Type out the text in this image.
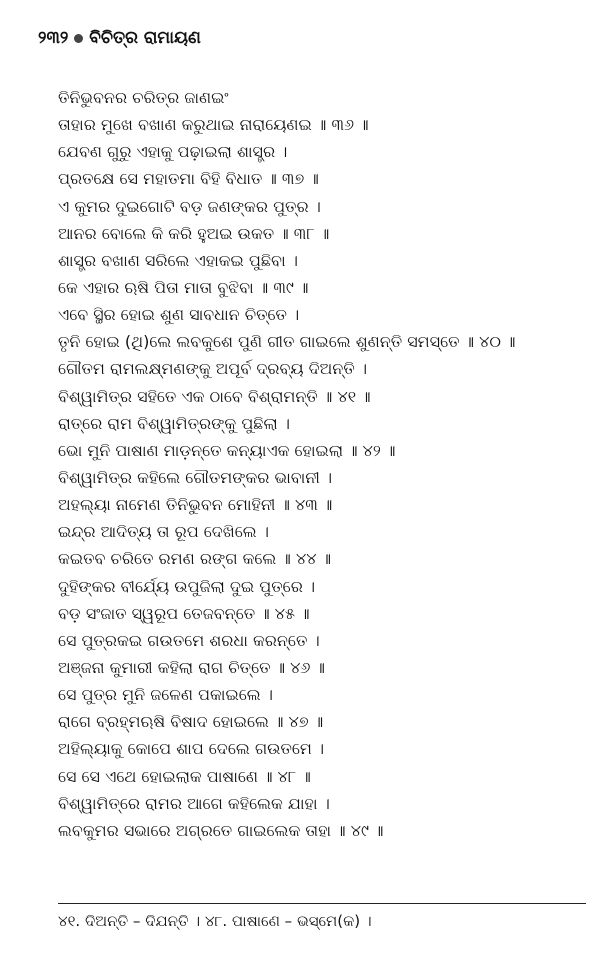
୨୩୨ ବିଚିତ୍ର ରାମାୟଣ
ତିନିଭୁବନର ଚରିତ୍ର ଜାଣଇଂ
ତାହାର ମୁଖେ ବଖାଣ କରୁଥାଇ ନାରାୟେଣଇ ॥ ୩୬ ॥
ଯେବଣ ଗୁରୁ ଏହାକୁ ପଢ଼ାଇଲା ଶାସ୍ତ୍ର ।
ପ୍ରତକ୍ଷେ ସେ ମହାତମା ବିହି ବିଧାତ ॥ ୩୭ ॥
ଏ କୁମର ଦୁଇଗୋଟି ବଡ଼ ଜଣଙ୍କର ପୁତ୍ର ।
ଆନର ବୋଲେ କି କରି ହୁଅଇ ଉକତ ॥ ୩୮ ॥
ଶାସ୍ତ୍ର ବଖାଣ ସରିଲେ ଏହାକଇ ପୁଛିବା ।
କେ ଏହାର ଋଷି ପିତା ମାତା ବୁଝିବା ॥ ୩୯ ॥
ଏବେ ସ୍ଥିର ହୋଇ ଶୁଣ ସାବଧାନ ଚିତ୍ତେ ।
ତୃନି ହୋଇ (ଥି)ଲେ ଲବକୁଶେ ପୁଣି ଗୀତ ଗାଇଲେ ଶୁଣନ୍ତି ସମସ୍ତେ ॥ ୪୦ ॥
ଗୌତମ ରାମଲକ୍ଷ୍ମଣଙ୍କୁ ଅପୂର୍ବ ଦ୍ରବ୍ୟ ଦିଅନ୍ତି ।
ବିଶ୍ୱାମିତ୍ର ସହିତେ ଏକ ଠାବେ ବିଶ୍ରାମନ୍ତି ॥ ୪୧ ॥
ରାତ୍ରେ ରାମ ବିଶ୍ୱାମିତ୍ରଙ୍କୁ ପୁଛିଲା ।
ଭୋ ମୁନି ପାଷାଣ ମାଡ଼ନ୍ତେ କନ୍ୟାଏକ ହୋଇଲା ॥ ୪୨ ॥
ବିଶ୍ୱାମିତ୍ର କହିଲେ ଗୌତମଙ୍କର ଭାବାନୀ ।
ଅହଲ୍ୟା ନାମେଣ ତିନିଭୁବନ ମୋହିନୀ ॥ ୪୩ ॥
ଇନ୍ଦ୍ର ଆଦିତ୍ୟ ତା ରୂପ ଦେଖିଲେ ।
କଇତବ ଚରିତେ ରମଣ ରଙ୍ଗ କଲେ ॥ ୪୪ ॥
ଦୁହିଙ୍କର ବୀର୍ଯ୍ୟେ ଉପୁଜିଲା ଦୁଇ ପୁତ୍ରେ ।
ବଡ଼ ସଂଜାତ ସ୍ୱରୂପ ତେଜବନ୍ତେ ॥ ୪୫ ॥
ସେ ପୁତ୍ରକଇ ଗଉତମେ ଶରଧା କରନ୍ତେ ।
ଅଞ୍ଜନା କୁମାରୀ କହିଲା ରାଗ ଚିତ୍ତେ ॥ ୪୬ ॥
ସେ ପୁତ୍ର ମୁନି ଜଳେଣ ପକାଇଲେ ।
ରାଗେ ବ୍ରହ୍ମଋଷି ବିଷାଦ ହୋଇଲେ ॥ ୪୭ ॥
ଅହିଲ୍ୟାକୁ କୋପେ ଶାପ ଦେଲେ ଗଉତମେ ।
ସେ ସେ ଏଥେ ହୋଇଲାକ ପାଷାଣେ ॥ ୪୮ ॥
ବିଶ୍ୱାମିତ୍ରେ ରାମର ଆଗେ କହିଲେକ ଯାହା ।
ଲବକୁମର ସଭାରେ ଅଗ୍ରତେ ଗାଇଲେକ ତାହା ॥ ୪୯ ॥
୪୧. ଦିଅନ୍ତି – ଦିଯନ୍ତି । ୪୮. ପାଷାଣେ – ଭସ୍ମେ(କ) ।
